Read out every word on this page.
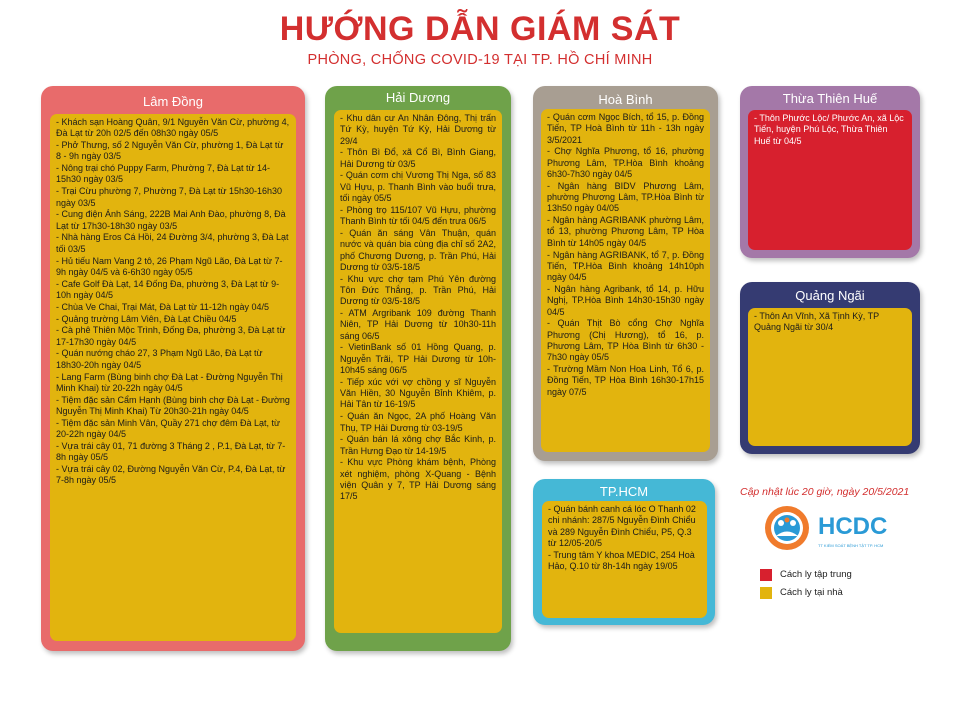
HƯỚNG DẪN GIÁM SÁT
PHÒNG, CHỐNG COVID-19 TẠI TP. HỒ CHÍ MINH
Lâm Đồng
- Khách sạn Hoàng Quân, 9/1 Nguyễn Văn Cừ, phường 4, Đà Lạt từ 20h 02/5 đến 08h30 ngày 05/5
- Phở Thưng, số 2 Nguyễn Văn Cừ, phường 1, Đà Lạt từ 8 - 9h ngày 03/5
- Nông trại chó Puppy Farm, Phường 7, Đà Lạt từ 14-15h30 ngày 03/5
- Trại Cừu phường 7, Phường 7, Đà Lạt từ 15h30-16h30 ngày 03/5
- Cung điện Ánh Sáng, 222B Mai Anh Đào, phường 8, Đà Lạt từ 17h30-18h30 ngày 03/5
- Nhà hàng Eros Cá Hồi, 24 Đường 3/4, phường 3, Đà Lạt tối 03/5
- Hủ tiếu Nam Vang 2 tô, 26 Phạm Ngũ Lão, Đà Lạt từ 7-9h ngày 04/5 và 6-6h30 ngày 05/5
- Cafe Golf Đà Lạt, 14 Đống Đa, phường 3, Đà Lạt từ 9-10h ngày 04/5
- Chùa Ve Chai, Trại Mát, Đà Lạt từ 11-12h ngày 04/5
- Quảng trường Lâm Viên, Đà Lạt Chiều 04/5
- Cà phê Thiên Mộc Trình, Đống Đa, phường 3, Đà Lạt từ 17-17h30 ngày 04/5
- Quán nướng cháo 27, 3 Phạm Ngũ Lão, Đà Lạt từ 18h30-20h ngày 04/5
- Lang Farm (Bùng binh chợ Đà Lạt - Đường Nguyễn Thị Minh Khai) từ 20-22h ngày 04/5
- Tiệm đặc sản Cẩm Hạnh (Bùng binh chợ Đà Lạt - Đường Nguyễn Thị Minh Khai) Từ 20h30-21h ngày 04/5
- Tiệm đặc sản Minh Vân, Quầy 271 chợ đêm Đà Lạt, từ 20-22h ngày 04/5
- Vựa trái cây 01, 71 đường 3 Tháng 2 , P.1, Đà Lạt, từ 7-8h ngày 05/5
- Vựa trái cây 02, Đường Nguyễn Văn Cừ, P.4, Đà Lạt, từ 7-8h ngày 05/5
Hải Dương
- Khu dân cư An Nhân Đông, Thị trấn Tứ Kỳ, huyện Tứ Kỳ, Hải Dương từ 29/4
- Thôn Bì Đổ, xã Cổ Bì, Bình Giang, Hải Dương từ 03/5
- Quán cơm chị Vương Thị Nga, số 83 Vũ Hựu, p. Thanh Bình vào buổi trưa, tối ngày 05/5
- Phòng trọ 115/107 Vũ Hựu, phường Thanh Bình từ tối 04/5 đến trưa 06/5
- Quán ăn sáng Vân Thuận, quán nước và quán bia cùng địa chỉ số 2A2, phố Chương Dương, p. Trần Phú, Hải Dương từ 03/5-18/5
- Khu vực chợ tạm Phú Yên đường Tôn Đức Thắng, p. Trần Phú, Hải Dương từ 03/5-18/5
- ATM Argribank 109 đường Thanh Niên, TP Hải Dương từ 10h30-11h sáng 06/5
- VietinBank số 01 Hồng Quang, p. Nguyễn Trãi, TP Hải Dương từ 10h-10h45 sáng 06/5
- Tiếp xúc với vợ chồng y sĩ Nguyễn Văn Hiền, 30 Nguyễn Bỉnh Khiêm, p. Hải Tân từ 16-19/5
- Quán ăn Ngọc, 2A phố Hoàng Văn Thụ, TP Hải Dương từ 03-19/5
- Quán bán lá xông chợ Bắc Kinh, p. Trần Hưng Đạo từ 14-19/5
- Khu vực Phòng khám bệnh, Phòng xét nghiệm, phòng X-Quang - Bệnh viện Quân y 7, TP Hải Dương sáng 17/5
Hoà Bình
- Quán cơm Ngọc Bích, tổ 15, p. Đồng Tiến, TP Hoà Bình từ 11h - 13h ngày 3/5/2021
- Chợ Nghĩa Phương, tổ 16, phường Phương Lâm, TP.Hòa Bình khoảng 6h30-7h30 ngày 04/5
- Ngân hàng BIDV Phương Lâm, phường Phương Lâm, TP.Hòa Bình từ 13h50 ngày 04/05
- Ngân hàng AGRIBANK phường Lâm, tổ 13, phường Phương Lâm, TP Hòa Bình từ 14h05 ngày 04/5
- Ngân hàng AGRIBANK, tổ 7, p. Đồng Tiến, TP.Hòa Bình khoảng 14h10ph ngày 04/5
- Ngân hàng Agribank, tổ 14, p. Hữu Nghị, TP.Hòa Bình 14h30-15h30 ngày 04/5
- Quán Thịt Bò cổng Chợ Nghĩa Phương (Chị Hương), tổ 16, p. Phương Lâm, TP Hòa Bình từ 6h30 - 7h30 ngày 05/5
- Trường Mầm Non Hoa Linh, Tổ 6, p. Đồng Tiến, TP Hòa Bình 16h30-17h15 ngày 07/5
Thừa Thiên Huế
- Thôn Phước Lộc/ Phước An, xã Lộc Tiến, huyện Phú Lộc, Thừa Thiên Huế từ 04/5
Quảng Ngãi
- Thôn An Vĩnh, Xã Tịnh Kỳ, TP Quảng Ngãi từ 30/4
TP.HCM
- Quán bánh canh cá lóc O Thanh 02 chi nhánh: 287/5 Nguyễn Đình Chiểu và 289 Nguyễn Đình Chiểu, P5, Q.3 từ 12/05-20/5
- Trung tâm Y khoa MEDIC, 254 Hoà Hảo, Q.10 từ 8h-14h ngày 19/05
Cập nhật lúc 20 giờ, ngày 20/5/2021
HCDC
TT KIỂM SOÁT BỆNH TẬT TP. HCM
Cách ly tập trung
Cách ly tại nhà
